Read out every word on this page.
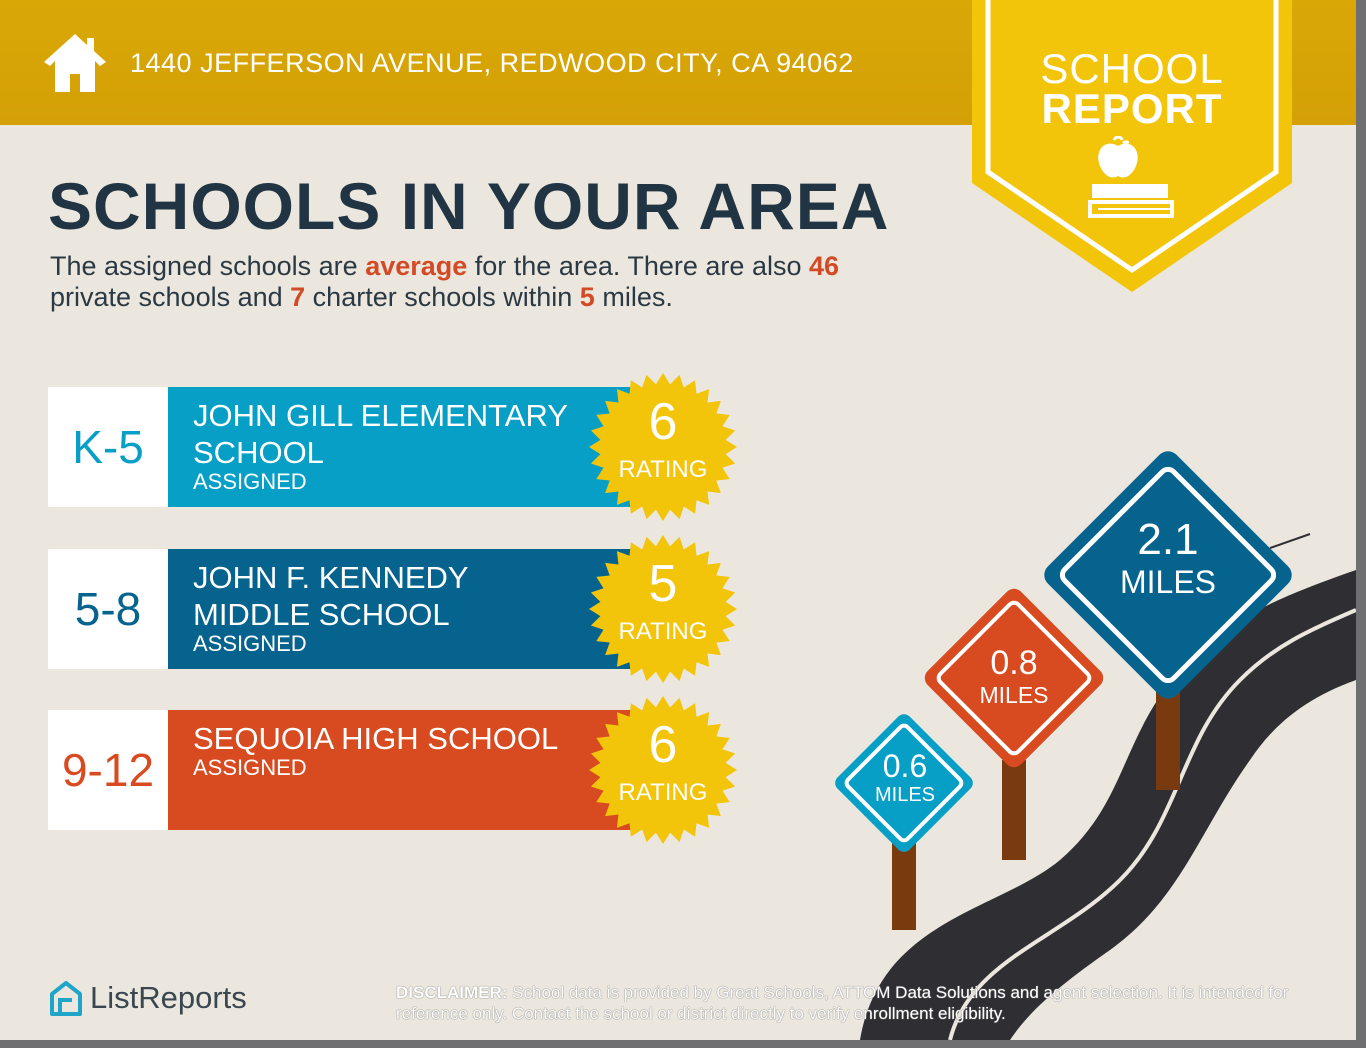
1440 JEFFERSON AVENUE, REDWOOD CITY, CA 94062	SCHOOL
REPORT
SCHOOLS IN YOUR AREA
The assigned schools are average for the area. There are also 46
private schools and 7 charter schools within 5 miles.
K-5
JOHN GILL ELEMENTARY
SCHOOL
ASSIGNED
6
RATING
5-8
JOHN F. KENNEDY
MIDDLE SCHOOL
ASSIGNED
5
RATING
9-12
SEQUOIA HIGH SCHOOL
ASSIGNED	6
RATING
0.6
MILES
0.8
MILES
2.1
MILES
ListReports	DISCLAIMER: School data is provided by Great Schools, ATTOM Data Solutions and agent selection. It is intended for reference only. Contact the school or district directly to verify enrollment eligibility.
